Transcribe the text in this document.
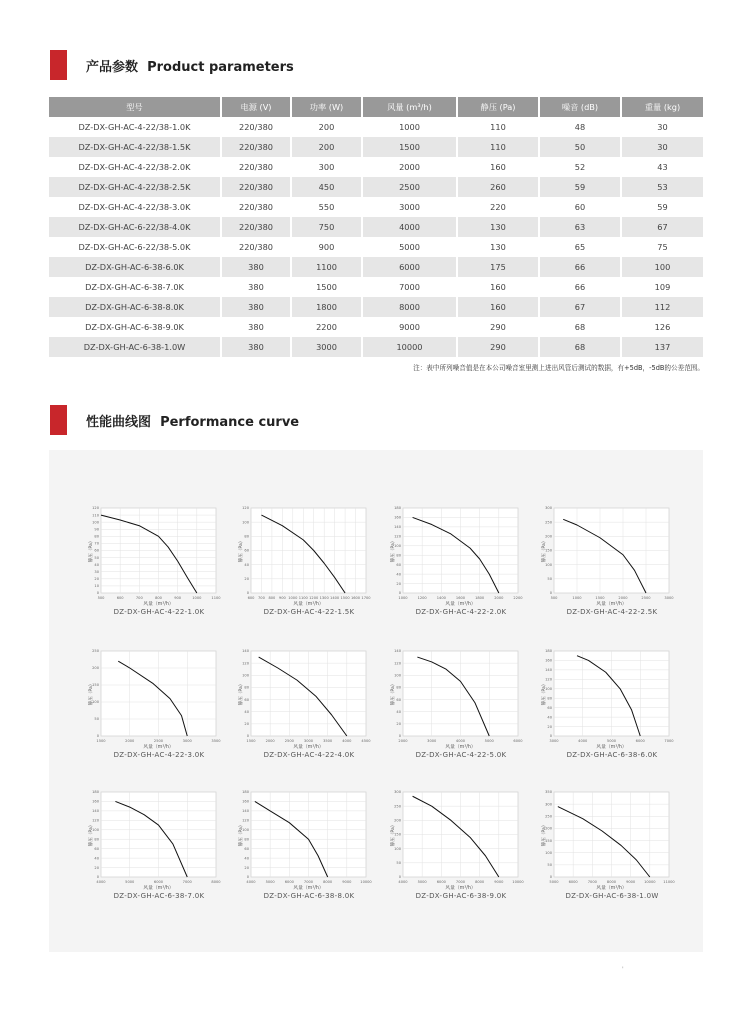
产品参数 Product parameters
型号	电源 (V)	功率 (W)	风量 (m³/h)	静压 (Pa)	噪音 (dB)	重量 (kg)
DZ-DX-GH-AC-4-22/38-1.0K	220/380	200	1000	110	48	30
DZ-DX-GH-AC-4-22/38-1.5K	220/380	200	1500	110	50	30
DZ-DX-GH-AC-4-22/38-2.0K	220/380	300	2000	160	52	43
DZ-DX-GH-AC-4-22/38-2.5K	220/380	450	2500	260	59	53
DZ-DX-GH-AC-4-22/38-3.0K	220/380	550	3000	220	60	59
DZ-DX-GH-AC-6-22/38-4.0K	220/380	750	4000	130	63	67
DZ-DX-GH-AC-6-22/38-5.0K	220/380	900	5000	130	65	75
DZ-DX-GH-AC-6-38-6.0K	380	1100	6000	175	66	100
DZ-DX-GH-AC-6-38-7.0K	380	1500	7000	160	66	109
DZ-DX-GH-AC-6-38-8.0K	380	1800	8000	160	67	112
DZ-DX-GH-AC-6-38-9.0K	380	2200	9000	290	68	126
DZ-DX-GH-AC-6-38-1.0W	380	3000	10000	290	68	137
注：表中所列噪音值是在本公司噪音室里测上进出风管后测试的数据，有+5dB，-5dB的公差范围。
性能曲线图 Performance curve
500	600	700	800	900	1000	1100
0
10
20
30
40
50
60
70
80
90
100
110
120
静压（Pa）
风量（m³/h）
DZ-DX-GH-AC-4-22-1.0K
600 700 800 900 1000 1100 1200 1300 1400 1500 1600 1700
0
20
40
60
80
100
120
静压（Pa）
风量（m³/h）
DZ-DX-GH-AC-4-22-1.5K
1000	1200	1400	1600	1800	2000	2200
0
20
40
60
80
100
120
140
160
180
静压（Pa）
风量（m³/h）
DZ-DX-GH-AC-4-22-2.0K
500	1000	1500	2000	2500	3000
0
50
100
150
200
250
300
静压（Pa）
风量（m³/h）
DZ-DX-GH-AC-4-22-2.5K
1500	2000	2500	3000	3500
0
50
100
150
200
250
静压（Pa）
风量（m³/h）
DZ-DX-GH-AC-4-22-3.0K
1500	2000	2500	3000	3500	4000	4500
0
20
40
60
80
100
120
140
静压（Pa）
风量（m³/h）
DZ-DX-GH-AC-4-22-4.0K
2000	3000	4000	5000	6000
0
20
40
60
80
100
120
140
静压（Pa）
风量（m³/h）
DZ-DX-GH-AC-4-22-5.0K
3000	4000	5000	6000	7000
0
20
40
60
80
100
120
140
160
180
静压（Pa）
风量（m³/h）
DZ-DX-GH-AC-6-38-6.0K
4000	5000	6000	7000	8000
0
20
40
60
80
100
120
140
160
180
静压（Pa）
风量（m³/h）
DZ-DX-GH-AC-6-38-7.0K
4000	5000	6000	7000	8000	9000 10000
0
20
40
60
80
100
120
140
160
180
静压（Pa）
风量（m³/h）
DZ-DX-GH-AC-6-38-8.0K
4000	5000	6000	7000	8000	9000 10000
0
50
100
150
200
250
300
静压（Pa）
风量（m³/h）
DZ-DX-GH-AC-6-38-9.0K
5000	6000	7000	8000	9000 10000 11000
0
50
100
150
200
250
300
350
静压（Pa）
风量（m³/h）
DZ-DX-GH-AC-6-38-1.0W
'
